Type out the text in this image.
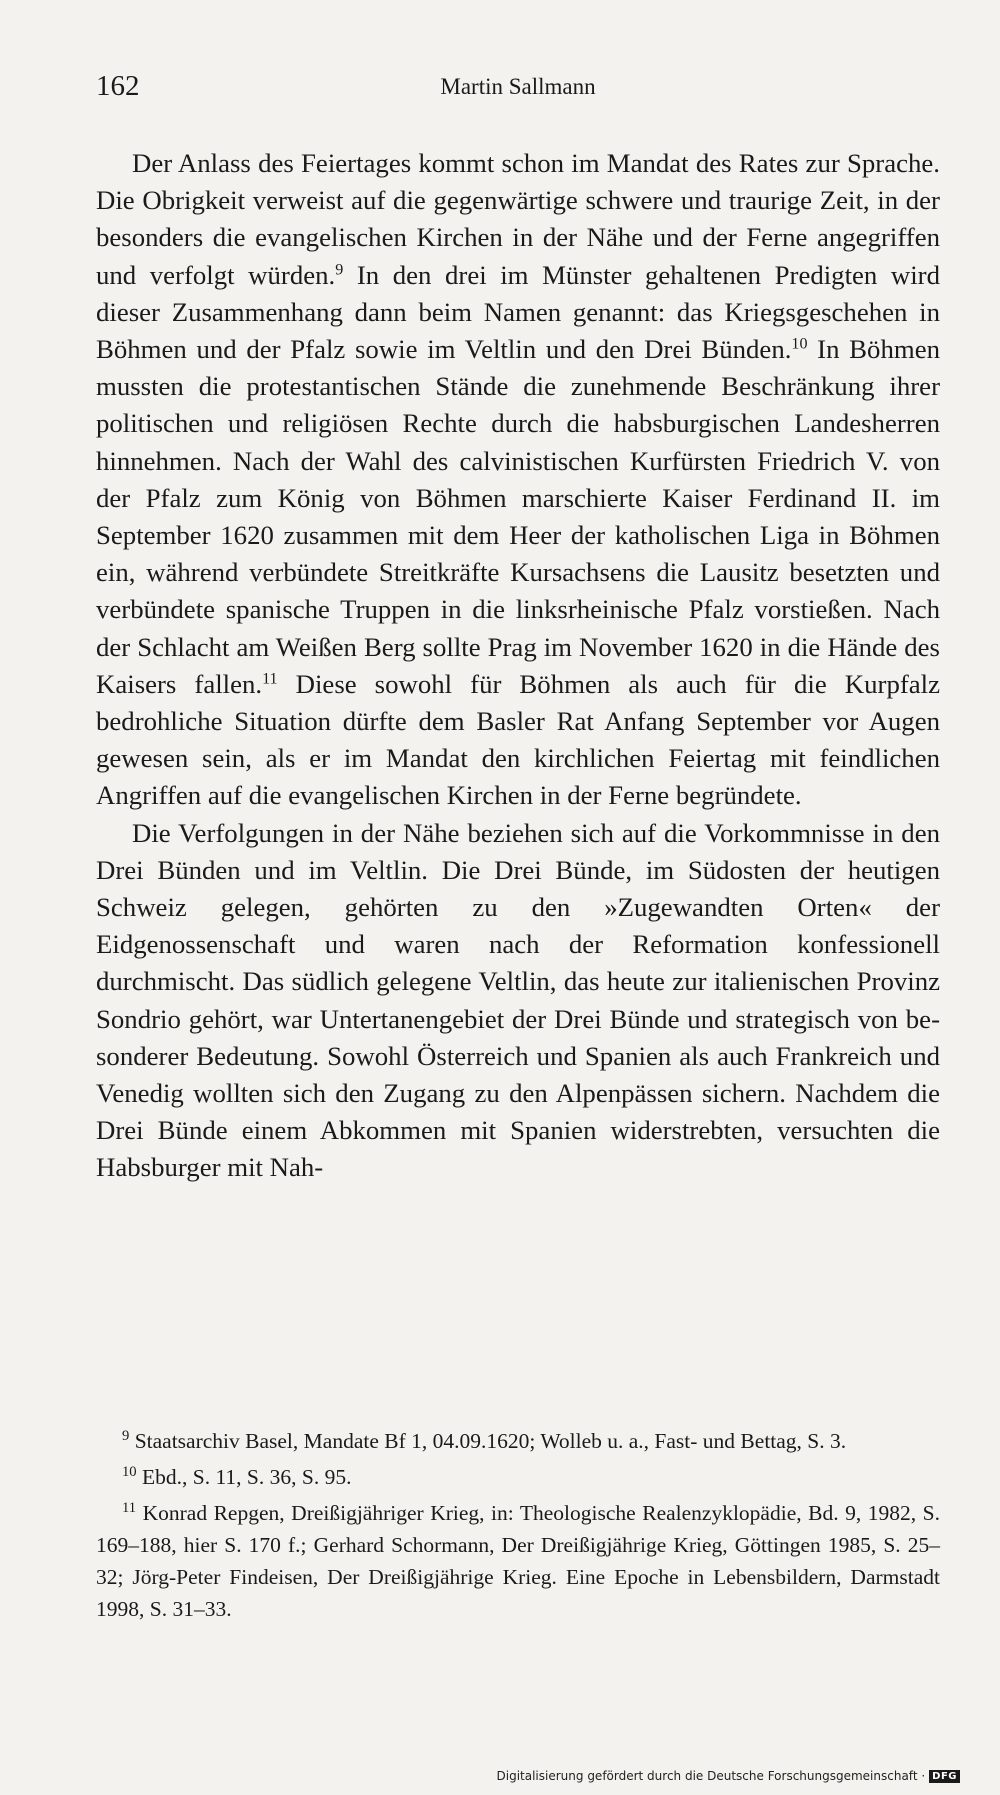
162	Martin Sallmann

Der Anlass des Feiertages kommt schon im Mandat des Rates zur Sprache. Die Obrigkeit verweist auf die gegenwärtige schwere und traurige Zeit, in der besonders die evangelischen Kirchen in der Nähe und der Ferne angegriffen und verfolgt würden.$^9$ In den drei im Münster gehaltenen Predigten wird dieser Zusammenhang dann beim Namen genannt: das Kriegsgeschehen in Böhmen und der Pfalz sowie im Veltlin und den Drei Bünden.$^{10}$ In Böhmen mussten die protestantischen Stände die zunehmende Beschränkung ihrer politischen und religiösen Rechte durch die habsburgischen Landesherren hinnehmen. Nach der Wahl des calvinistischen Kurfürsten Friedrich V. von der Pfalz zum König von Böhmen marschierte Kaiser Ferdinand II. im September 1620 zusammen mit dem Heer der katholischen Liga in Böhmen ein, während verbündete Streitkräfte Kursachsens die Lausitz besetzten und verbündete spanische Truppen in die linksrheinische Pfalz vorstießen. Nach der Schlacht am Weißen Berg sollte Prag im November 1620 in die Hände des Kaisers fallen.$^{11}$ Diese sowohl für Böhmen als auch für die Kurpfalz bedrohliche Situation dürfte dem Basler Rat Anfang September vor Augen gewesen sein, als er im Mandat den kirchlichen Feiertag mit feindlichen Angriffen auf die evangelischen Kirchen in der Ferne begründete.

Die Verfolgungen in der Nähe beziehen sich auf die Vorkommnisse in den Drei Bünden und im Veltlin. Die Drei Bünde, im Südosten der heutigen Schweiz gelegen, gehörten zu den »Zugewandten Orten« der Eidgenossenschaft und waren nach der Reformation konfessionell durchmischt. Das südlich gelegene Veltlin, das heute zur italienischen Provinz Sondrio gehört, war Untertanengebiet der Drei Bünde und strategisch von besonderer Bedeutung. Sowohl Österreich und Spanien als auch Frankreich und Venedig wollten sich den Zugang zu den Alpenpässen sichern. Nachdem die Drei Bünde einem Abkommen mit Spanien widerstrebten, versuchten die Habsburger mit Nah-

$^9$ Staatsarchiv Basel, Mandate Bf 1, 04.09.1620; Wolleb u. a., Fast- und Bettag, S. 3.

$^{10}$ Ebd., S. 11, S. 36, S. 95.

$^{11}$ Konrad Repgen, Dreißigjähriger Krieg, in: Theologische Realenzyklopädie, Bd. 9, 1982, S. 169–188, hier S. 170 f.; Gerhard Schormann, Der Dreißigjährige Krieg, Göttingen 1985, S. 25–32; Jörg-Peter Findeisen, Der Dreißigjährige Krieg. Eine Epoche in Lebensbildern, Darmstadt 1998, S. 31–33.

Digitalisierung gefördert durch die Deutsche Forschungsgemeinschaft · DFG
